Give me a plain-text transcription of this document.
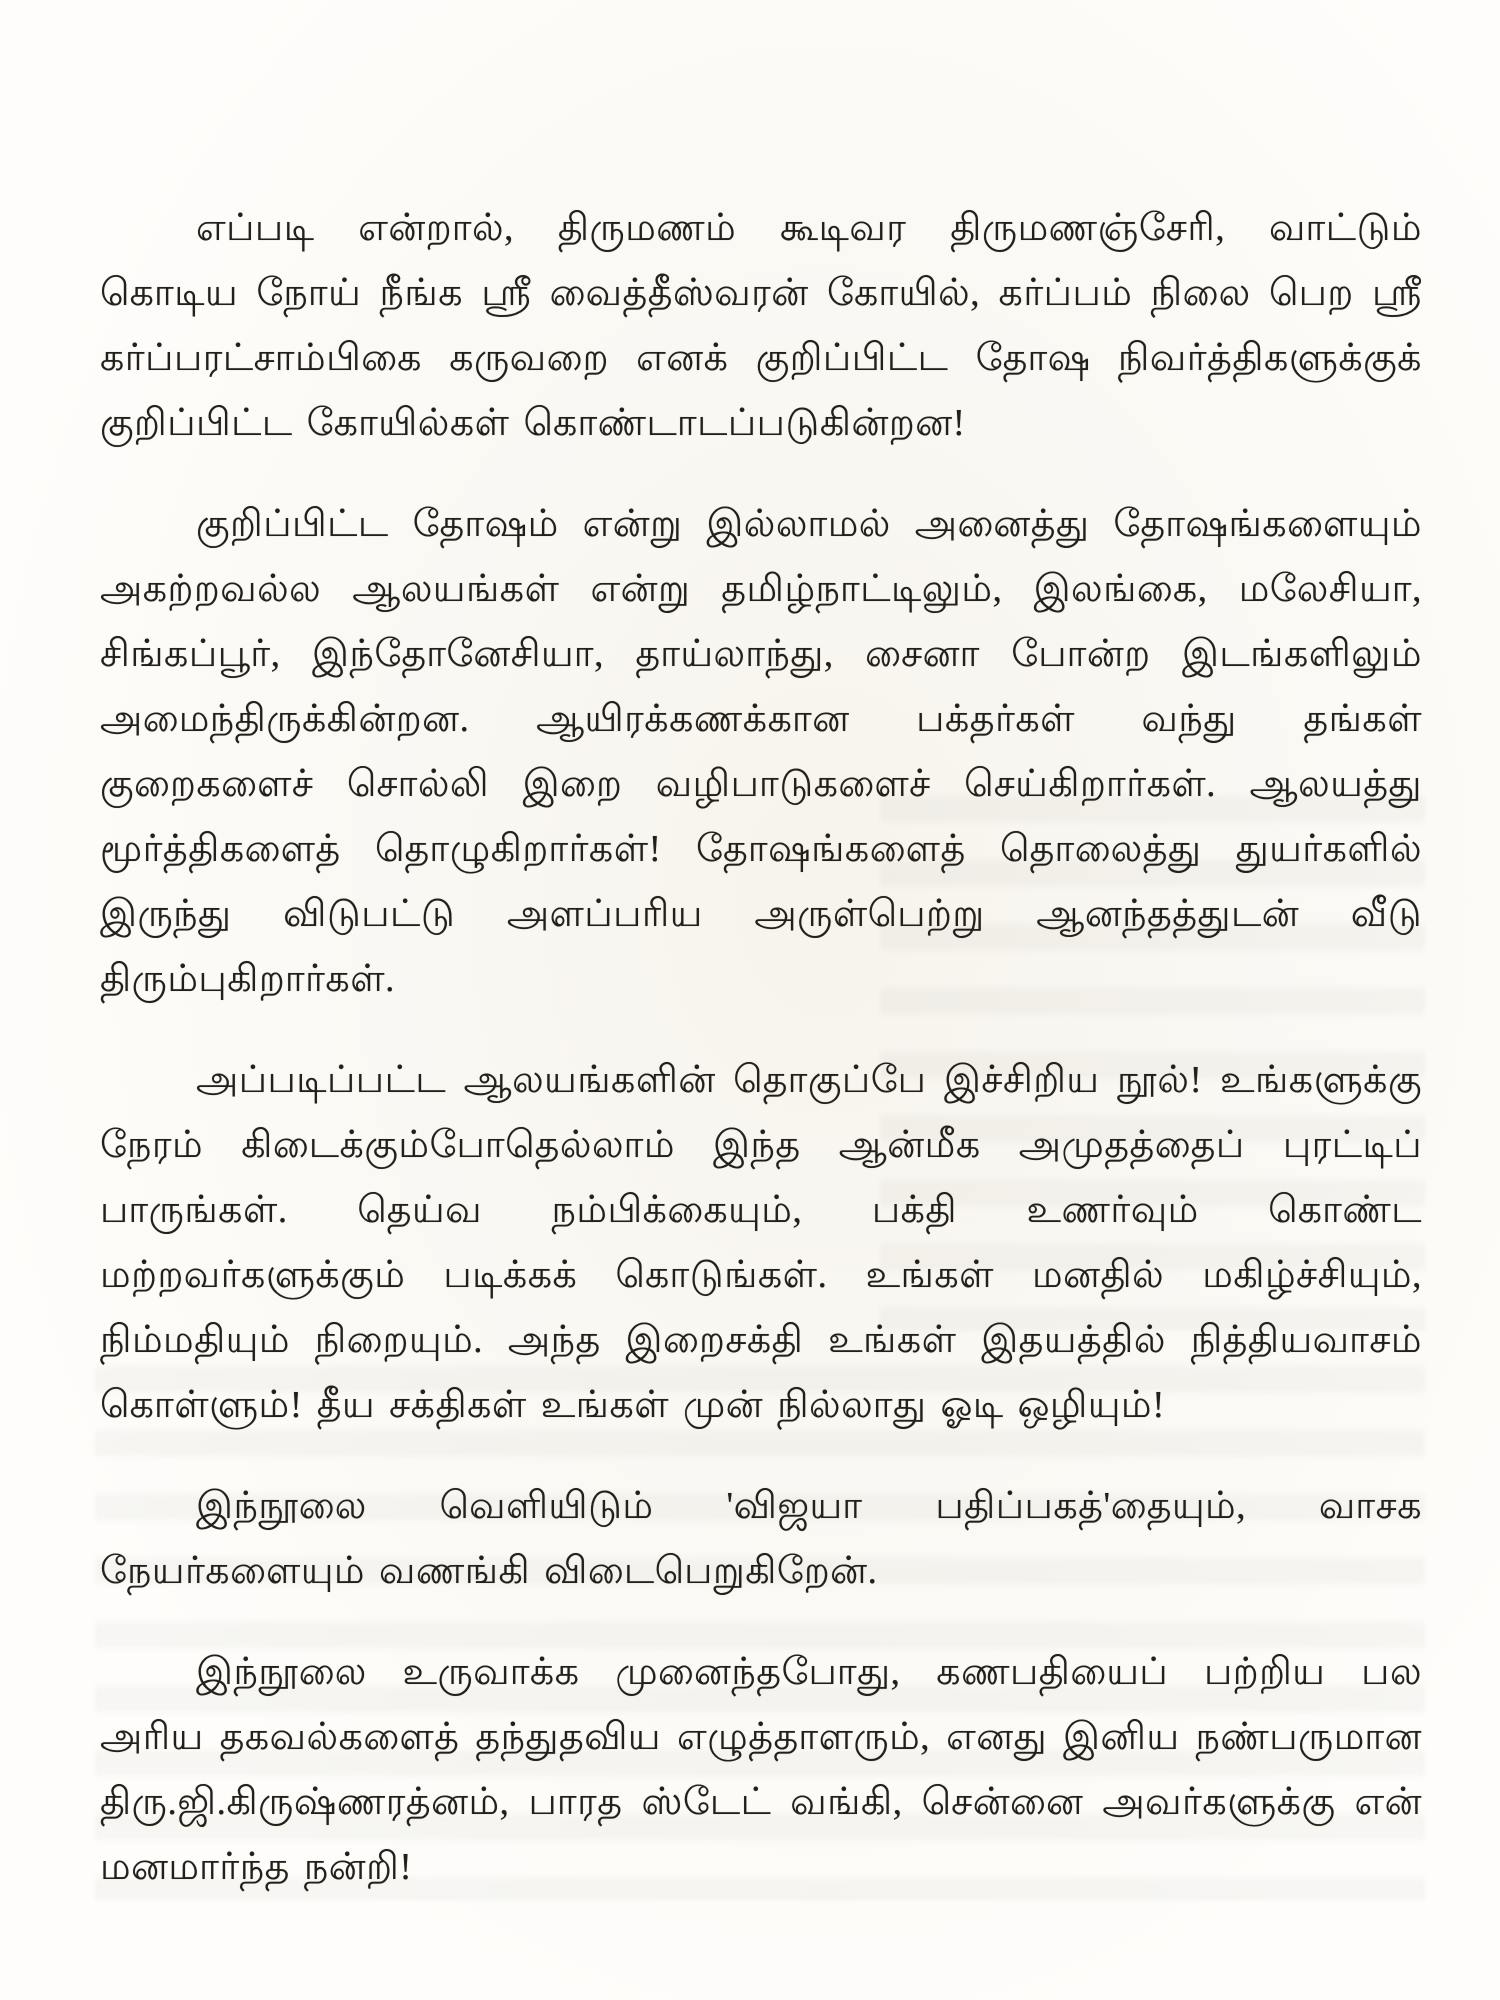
எப்படி என்றால், திருமணம் கூடிவர திருமணஞ்சேரி, வாட்டும் கொடிய நோய் நீங்க ஸ்ரீ வைத்தீஸ்வரன் கோயில், கர்ப்பம் நிலை பெற ஸ்ரீ கர்ப்பரட்சாம்பிகை கருவறை எனக் குறிப்பிட்ட தோஷ நிவர்த்திகளுக்குக் குறிப்பிட்ட கோயில்கள் கொண்டாடப்படுகின்றன!

குறிப்பிட்ட தோஷம் என்று இல்லாமல் அனைத்து தோஷங்களையும் அகற்றவல்ல ஆலயங்கள் என்று தமிழ்நாட்டிலும், இலங்கை, மலேசியா, சிங்கப்பூர், இந்தோனேசியா, தாய்லாந்து, சைனா போன்ற இடங்களிலும் அமைந்திருக்கின்றன. ஆயிரக்கணக்கான பக்தர்கள் வந்து தங்கள் குறைகளைச் சொல்லி இறை வழிபாடுகளைச் செய்கிறார்கள். ஆலயத்து மூர்த்திகளைத் தொழுகிறார்கள்! தோஷங்களைத் தொலைத்து துயர்களில் இருந்து விடுபட்டு அளப்பரிய அருள்பெற்று ஆனந்தத்துடன் வீடு திரும்புகிறார்கள்.

அப்படிப்பட்ட ஆலயங்களின் தொகுப்பே இச்சிறிய நூல்! உங்களுக்கு நேரம் கிடைக்கும்போதெல்லாம் இந்த ஆன்மீக அமுதத்தைப் புரட்டிப் பாருங்கள். தெய்வ நம்பிக்கையும், பக்தி உணர்வும் கொண்ட மற்றவர்களுக்கும் படிக்கக் கொடுங்கள். உங்கள் மனதில் மகிழ்ச்சியும், நிம்மதியும் நிறையும். அந்த இறைசக்தி உங்கள் இதயத்தில் நித்தியவாசம் கொள்ளும்! தீய சக்திகள் உங்கள் முன் நில்லாது ஓடி ஒழியும்!

இந்நூலை வெளியிடும் 'விஜயா பதிப்பகத்'தையும், வாசக நேயர்களையும் வணங்கி விடைபெறுகிறேன்.

இந்நூலை உருவாக்க முனைந்தபோது, கணபதியைப் பற்றிய பல அரிய தகவல்களைத் தந்துதவிய எழுத்தாளரும், எனது இனிய நண்பருமான திரு.ஜி.கிருஷ்ணரத்னம், பாரத ஸ்டேட் வங்கி, சென்னை அவர்களுக்கு என் மனமார்ந்த நன்றி!
